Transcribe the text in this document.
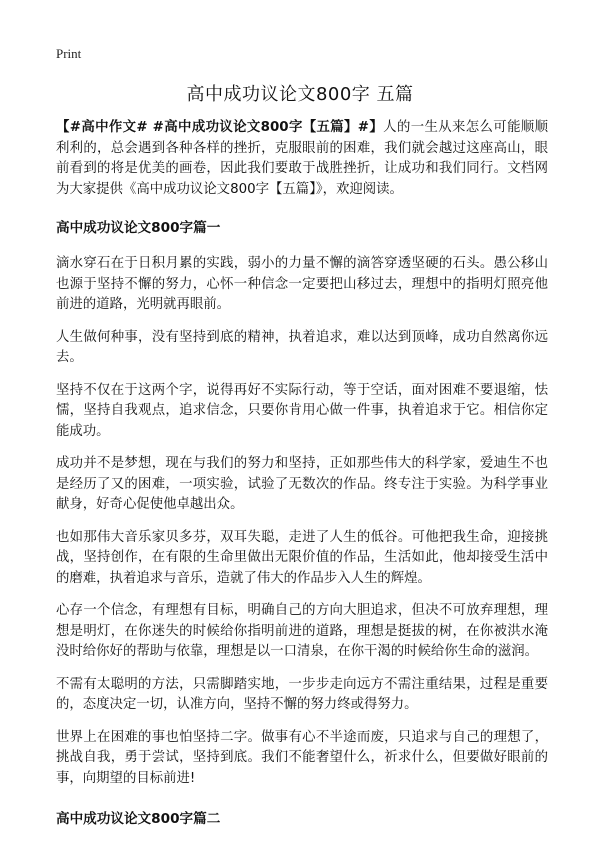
Print
高中成功议论文800字 五篇

【#高中作文# #高中成功议论文800字【五篇】#】人的一生从来怎么可能顺顺利利的，总会遇到各种各样的挫折，克服眼前的困难，我们就会越过这座高山，眼前看到的将是优美的画卷，因此我们要敢于战胜挫折，让成功和我们同行。文档网为大家提供《高中成功议论文800字【五篇】》，欢迎阅读。

高中成功议论文800字篇一

滴水穿石在于日积月累的实践，弱小的力量不懈的滴答穿透坚硬的石头。愚公移山也源于坚持不懈的努力，心怀一种信念一定要把山移过去，理想中的指明灯照亮他前进的道路，光明就再眼前。

人生做何种事，没有坚持到底的精神，执着追求，难以达到顶峰，成功自然离你远去。

坚持不仅在于这两个字，说得再好不实际行动，等于空话，面对困难不要退缩，怯懦，坚持自我观点，追求信念，只要你肯用心做一件事，执着追求于它。相信你定能成功。

成功并不是梦想，现在与我们的努力和坚持，正如那些伟大的科学家，爱迪生不也是经历了又的困难，一项实验，试验了无数次的作品。终专注于实验。为科学事业献身，好奇心促使他卓越出众。

也如那伟大音乐家贝多芬，双耳失聪，走进了人生的低谷。可他把我生命，迎接挑战，坚持创作，在有限的生命里做出无限价值的作品，生活如此，他却接受生活中的磨难，执着追求与音乐，造就了伟大的作品步入人生的辉煌。

心存一个信念，有理想有目标，明确自己的方向大胆追求，但决不可放弃理想，理想是明灯，在你迷失的时候给你指明前进的道路，理想是挺拔的树，在你被洪水淹没时给你好的帮助与依靠，理想是以一口清泉，在你干渴的时候给你生命的滋润。

不需有太聪明的方法，只需脚踏实地，一步步走向远方不需注重结果，过程是重要的，态度决定一切，认准方向，坚持不懈的努力终或得努力。

世界上在困难的事也怕坚持二字。做事有心不半途而废，只追求与自己的理想了，挑战自我，勇于尝试，坚持到底。我们不能奢望什么，祈求什么，但要做好眼前的事，向期望的目标前进!

高中成功议论文800字篇二
